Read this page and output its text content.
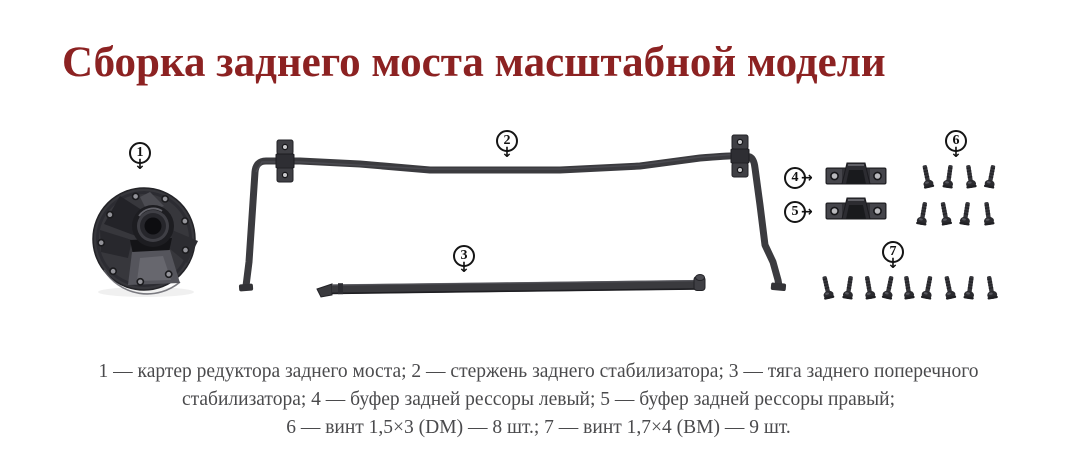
Сборка заднего моста масштабной модели
1
↓
2
↓
3
↓
4 →
5 →
6
↓
7
↓
1 — картер редуктора заднего моста; 2 — стержень заднего стабилизатора; 3 — тяга заднего поперечного
стабилизатора; 4 — буфер задней рессоры левый; 5 — буфер задней рессоры правый;
6 — винт 1,5×3 (DM) — 8 шт.; 7 — винт 1,7×4 (ВМ) — 9 шт.
